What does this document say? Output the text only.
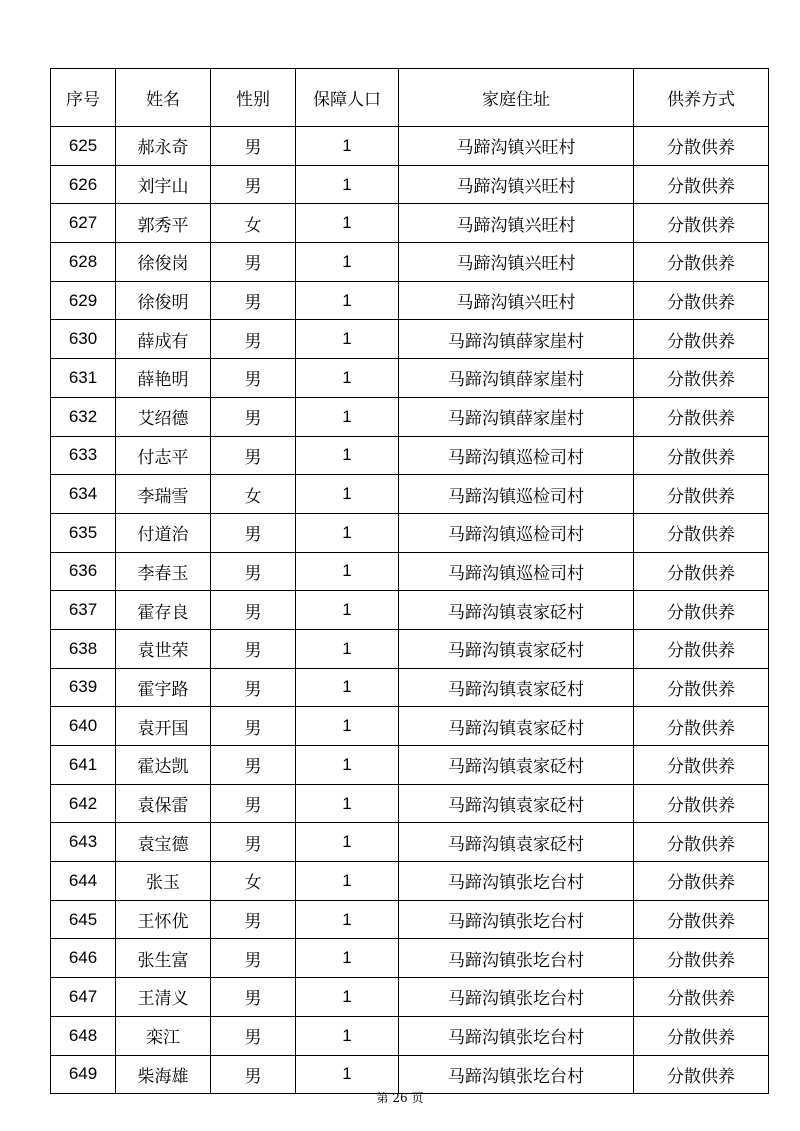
序号	姓名	性别	保障人口	家庭住址	供养方式
625	郝永奇	男	1	马蹄沟镇兴旺村	分散供养
626	刘宇山	男	1	马蹄沟镇兴旺村	分散供养
627	郭秀平	女	1	马蹄沟镇兴旺村	分散供养
628	徐俊岗	男	1	马蹄沟镇兴旺村	分散供养
629	徐俊明	男	1	马蹄沟镇兴旺村	分散供养
630	薛成有	男	1	马蹄沟镇薛家崖村	分散供养
631	薛艳明	男	1	马蹄沟镇薛家崖村	分散供养
632	艾绍德	男	1	马蹄沟镇薛家崖村	分散供养
633	付志平	男	1	马蹄沟镇巡检司村	分散供养
634	李瑞雪	女	1	马蹄沟镇巡检司村	分散供养
635	付道治	男	1	马蹄沟镇巡检司村	分散供养
636	李春玉	男	1	马蹄沟镇巡检司村	分散供养
637	霍存良	男	1	马蹄沟镇袁家砭村	分散供养
638	袁世荣	男	1	马蹄沟镇袁家砭村	分散供养
639	霍宇路	男	1	马蹄沟镇袁家砭村	分散供养
640	袁开国	男	1	马蹄沟镇袁家砭村	分散供养
641	霍达凯	男	1	马蹄沟镇袁家砭村	分散供养
642	袁保雷	男	1	马蹄沟镇袁家砭村	分散供养
643	袁宝德	男	1	马蹄沟镇袁家砭村	分散供养
644	张玉	女	1	马蹄沟镇张圪台村	分散供养
645	王怀优	男	1	马蹄沟镇张圪台村	分散供养
646	张生富	男	1	马蹄沟镇张圪台村	分散供养
647	王清义	男	1	马蹄沟镇张圪台村	分散供养
648	栾江	男	1	马蹄沟镇张圪台村	分散供养
649	柴海雄	男	1	马蹄沟镇张圪台村	分散供养
第 26 页
